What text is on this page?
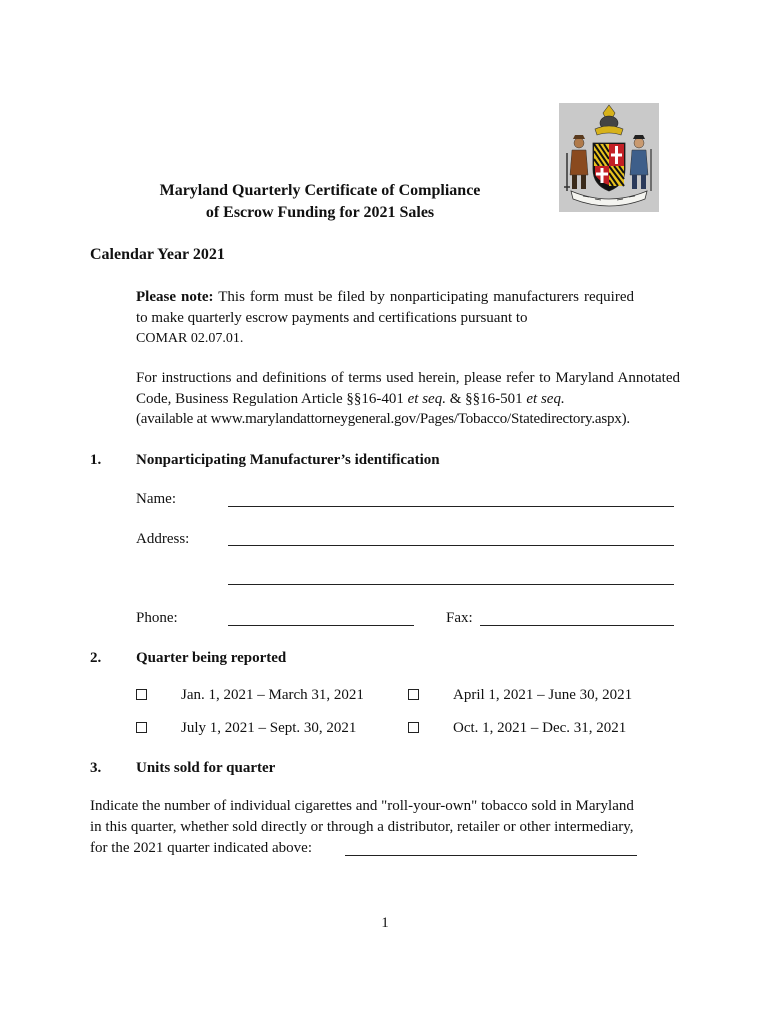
Maryland Quarterly Certificate of Compliance
of Escrow Funding for 2021 Sales
Calendar Year 2021
Please note: This form must be filed by nonparticipating manufacturers required to make quarterly escrow payments and certifications pursuant to
COMAR 02.07.01.
For instructions and definitions of terms used herein, please refer to Maryland Annotated Code, Business Regulation Article §§16-401 et seq. & §§16-501 et seq.
(available at www.marylandattorneygeneral.gov/Pages/Tobacco/Statedirectory.aspx).
1. Nonparticipating Manufacturer’s identification
Name:
Address:
Phone:	Fax:
2. Quarter being reported
Jan. 1, 2021 – March 31, 2021	April 1, 2021 – June 30, 2021
July 1, 2021 – Sept. 30, 2021	Oct. 1, 2021 – Dec. 31, 2021
3. Units sold for quarter
Indicate the number of individual cigarettes and "roll-your-own" tobacco sold in Maryland
in this quarter, whether sold directly or through a distributor, retailer or other intermediary,
for the 2021 quarter indicated above:
1
